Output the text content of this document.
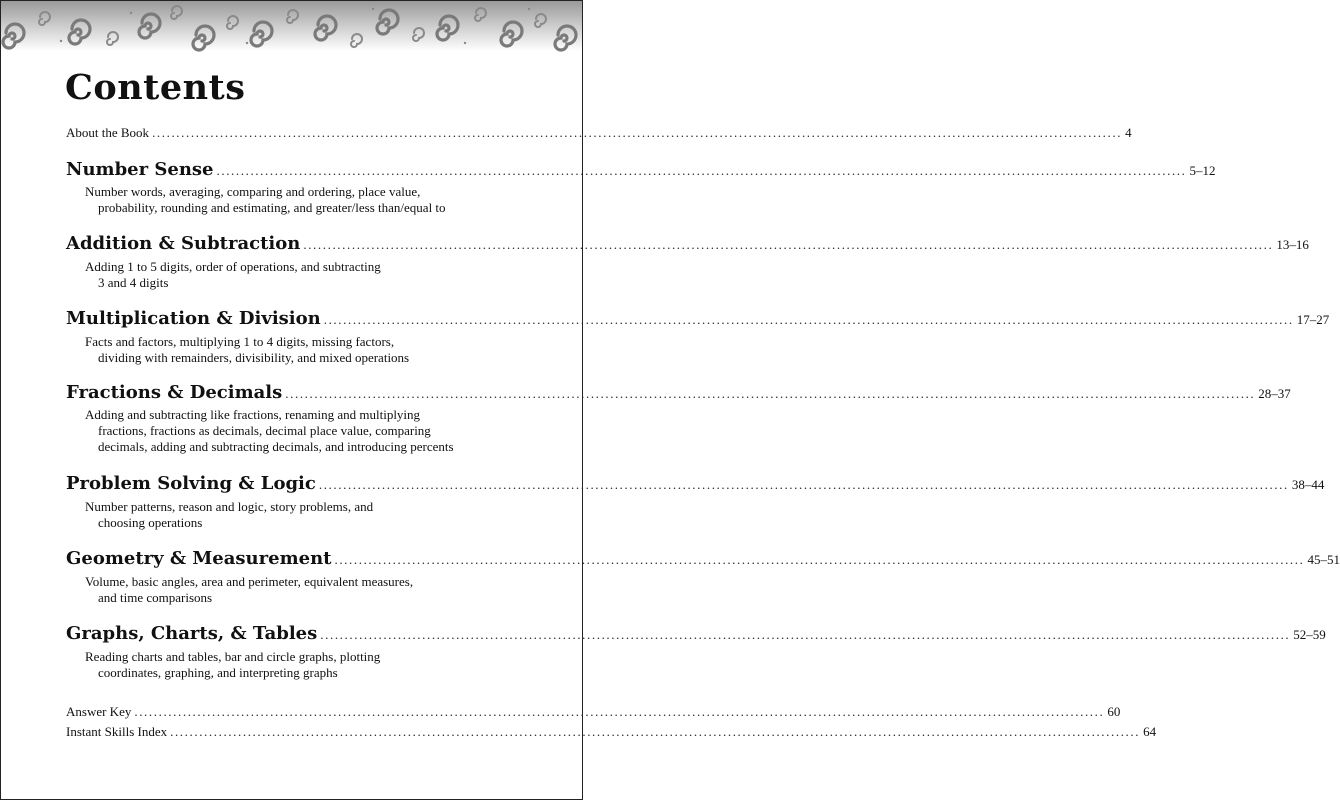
Contents
About the Book ........................................................................................................................................................................................................ 4
Number Sense ........................................................................................................................................................................................................ 5–12

Number words, averaging, comparing and ordering, place value,

probability, rounding and estimating, and greater/less than/equal to

Addition & Subtraction ........................................................................................................................................................................................................ 13–16

Adding 1 to 5 digits, order of operations, and subtracting

3 and 4 digits

Multiplication & Division ........................................................................................................................................................................................................ 17–27

Facts and factors, multiplying 1 to 4 digits, missing factors,

dividing with remainders, divisibility, and mixed operations

Fractions & Decimals ........................................................................................................................................................................................................ 28–37

Adding and subtracting like fractions, renaming and multiplying

fractions, fractions as decimals, decimal place value, comparing

decimals, adding and subtracting decimals, and introducing percents

Problem Solving & Logic ........................................................................................................................................................................................................ 38–44

Number patterns, reason and logic, story problems, and

choosing operations

Geometry & Measurement ........................................................................................................................................................................................................ 45–51

Volume, basic angles, area and perimeter, equivalent measures,

and time comparisons

Graphs, Charts, & Tables ........................................................................................................................................................................................................ 52–59

Reading charts and tables, bar and circle graphs, plotting

coordinates, graphing, and interpreting graphs

Answer Key ........................................................................................................................................................................................................ 60
Instant Skills Index ........................................................................................................................................................................................................ 64
